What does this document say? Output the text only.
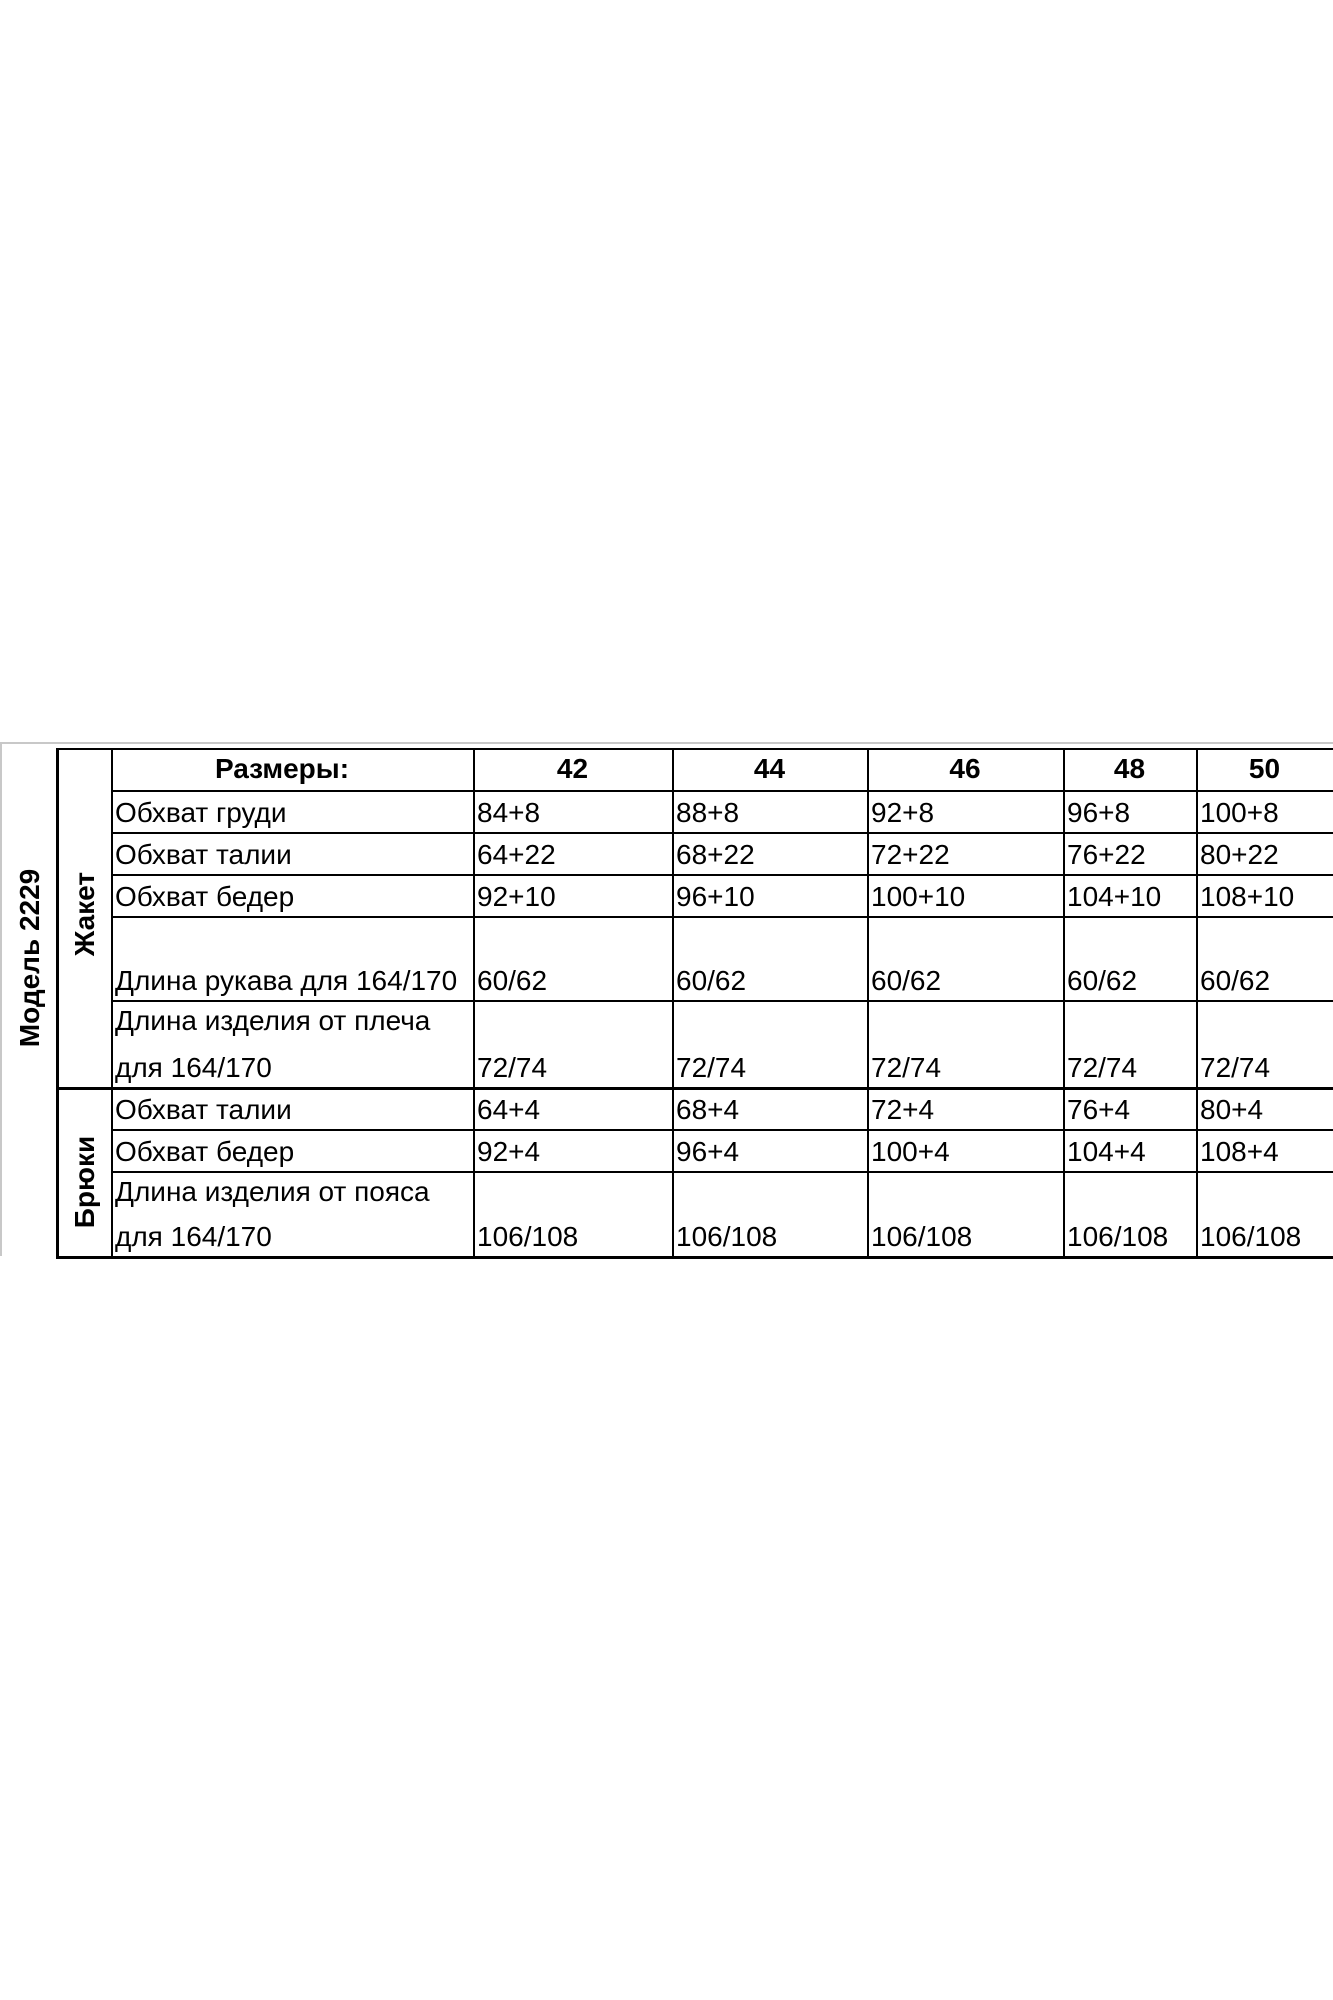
Модель 2229
Размеры:	42	44	46	48	50
Обхват груди	84+8	88+8	92+8	96+8	100+8
Обхват талии	64+22	68+22	72+22	76+22	80+22
Обхват бедер	92+10	96+10	100+10	104+10	108+10
Длина рукава для 164/170 60/62	60/62	60/62	60/62	60/62
Длина изделия от плеча
для 164/170	72/74	72/74	72/74	72/74	72/74
Жакет
Обхват талии	64+4	68+4	72+4	76+4	80+4
Обхват бедер	92+4	96+4	100+4	104+4	108+4
Длина изделия от пояса
для 164/170	106/108	106/108	106/108	106/108	106/108
Брюки
